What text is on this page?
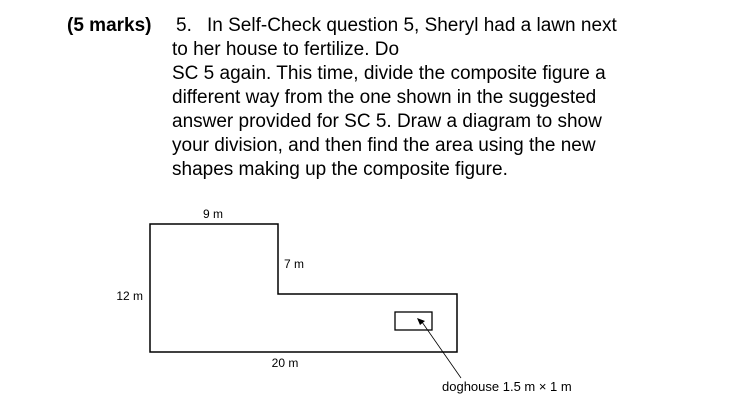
(5 marks) 5. In Self-Check question 5, Sheryl had a lawn next
to her house to fertilize. Do
SC 5 again. This time, divide the composite figure a
different way from the one shown in the suggested
answer provided for SC 5. Draw a diagram to show
your division, and then find the area using the new
shapes making up the composite figure.
9 m
7 m
12 m
20 m
doghouse 1.5 m × 1 m
